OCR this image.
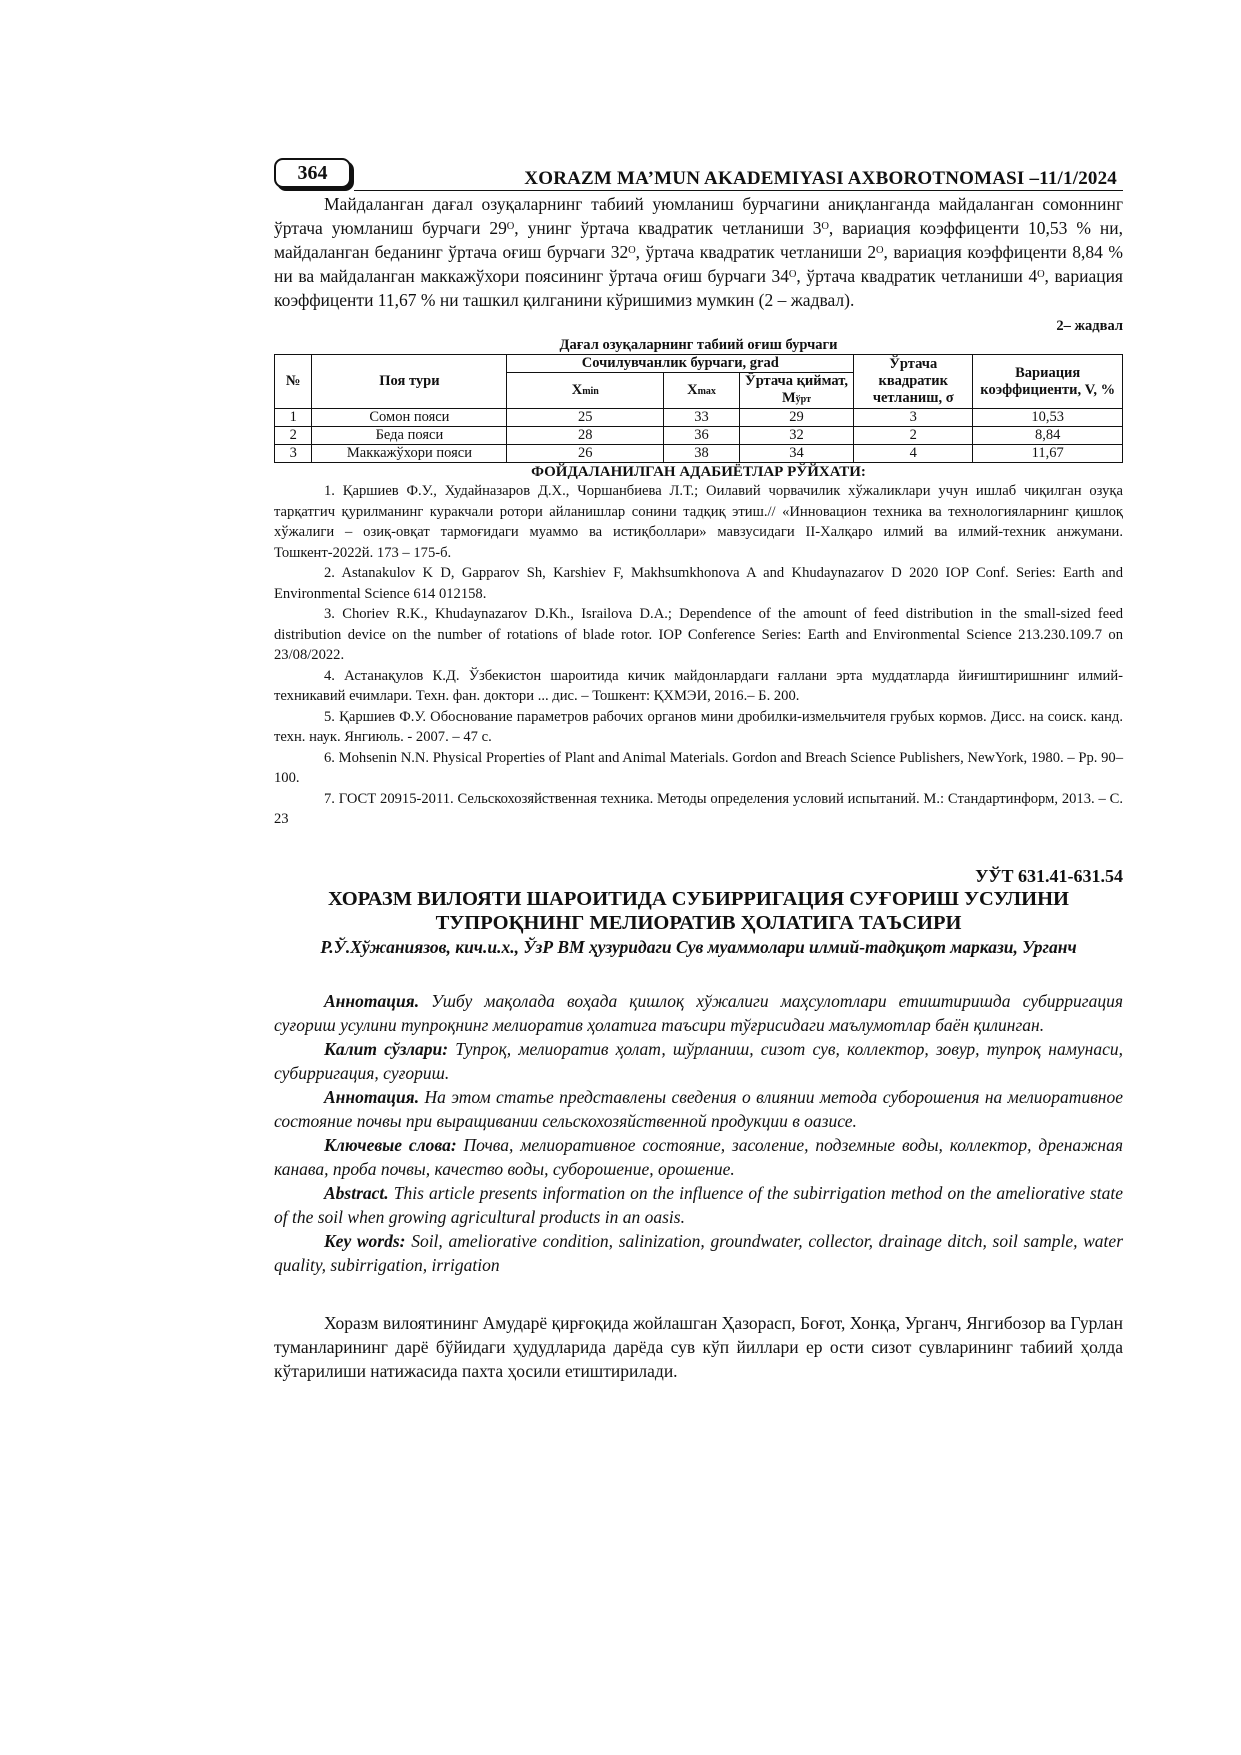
364	XORAZM MA’MUN AKADEMIYASI AXBOROTNOMASI –11/1/2024

Майдаланган дағал озуқаларнинг табиий уюмланиш бурчагини аниқланганда майдаланган сомоннинг ўртача уюмланиш бурчаги 29ᴼ, унинг ўртача квадратик четланиши 3ᴼ, вариация коэффиценти 10,53 % ни, майдаланган беданинг ўртача оғиш бурчаги 32ᴼ, ўртача квадратик четланиши 2ᴼ, вариация коэффиценти 8,84 % ни ва майдаланган маккажўхори поясининг ўртача оғиш бурчаги 34ᴼ, ўртача квадратик четланиши 4ᴼ, вариация коэффиценти 11,67 % ни ташкил қилганини кўришимиз мумкин (2 – жадвал).

2– жадвал

Дағал озуқаларнинг табиий оғиш бурчаги

№	Поя тури	Сочилувчанлик бурчаги, grad			Ўртача квадратик четланиш, σ	Вариация коэффициенти, V, %
		Xmin	Xmax	Ўртача қиймат, Mўрт		
1	Сомон пояси	25	33	29	3	10,53
2	Беда пояси	28	36	32	2	8,84
3	Маккажўхори пояси	26	38	34	4	11,67

ФОЙДАЛАНИЛГАН АДАБИЁТЛАР РЎЙХАТИ:

1. Қаршиев Ф.У., Худайназаров Д.Х., Чоршанбиева Л.Т.; Оилавий чорвачилик хўжаликлари учун ишлаб чиқилган озуқа тарқатгич қурилманинг куракчали ротори айланишлар сонини тадқиқ этиш.// «Инновацион техника ва технологияларнинг қишлоқ хўжалиги – озиқ-овқат тармоғидаги муаммо ва истиқболлари» мавзусидаги II-Халқаро илмий ва илмий-техник анжумани. Тошкент-2022й. 173 – 175-б.

2. Astanakulov K D, Gapparov Sh, Karshiev F, Makhsumkhonova A and Khudaynazarov D 2020 IOP Conf. Series: Earth and Environmental Science 614 012158.

3. Choriev R.K., Khudaynazarov D.Kh., Israilova D.A.; Dependence of the amount of feed distribution in the small-sized feed distribution device on the number of rotations of blade rotor. IOP Conference Series: Earth and Environmental Science 213.230.109.7 on 23/08/2022.

4. Астанақулов К.Д. Ўзбекистон шароитида кичик майдонлардаги ғаллани эрта муддатларда йиғиштиришнинг илмий-техникавий ечимлари. Техн. фан. доктори ... дис. – Тошкент: ҚХМЭИ, 2016.– Б. 200.

5. Қаршиев Ф.У. Обоснование параметров рабочих органов мини дробилки-измельчителя грубых кормов. Дисс. на соиск. канд. техн. наук. Янгиюль. - 2007. – 47 с.

6. Mohsenin N.N. Physical Properties of Plant and Animal Materials. Gordon and Breach Science Publishers, NewYork, 1980. – Pp. 90–100.

7. ГОСТ 20915-2011. Сельскохозяйственная техника. Методы определения условий испытаний. М.: Стандартинформ, 2013. – С. 23

УЎТ 631.41-631.54

ХОРАЗМ ВИЛОЯТИ ШАРОИТИДА СУБИРРИГАЦИЯ СУҒОРИШ УСУЛИНИ

ТУПРОҚНИНГ МЕЛИОРАТИВ ҲОЛАТИГА ТАЪСИРИ

Р.Ў.Хўжаниязов, кич.и.х., ЎзР ВМ ҳузуридаги Сув муаммолари илмий-тадқиқот маркази, Урганч

Аннотация. Ушбу мақолада воҳада қишлоқ хўжалиги маҳсулотлари етиштиришда субирригация суғориш усулини тупроқнинг мелиоратив ҳолатига таъсири тўғрисидаги маълумотлар баён қилинган.

Калит сўзлари: Тупроқ, мелиоратив ҳолат, шўрланиш, сизот сув, коллектор, зовур, тупроқ намунаси, субирригация, суғориш.

Аннотация. На этом статье представлены сведения о влиянии метода суборошения на мелиоративное состояние почвы при выращивании сельскохозяйственной продукции в оазисе.

Ключевые слова: Почва, мелиоративное состояние, засоление, подземные воды, коллектор, дренажная канава, проба почвы, качество воды, суборошение, орошение.

Abstract. This article presents information on the influence of the subirrigation method on the ameliorative state of the soil when growing agricultural products in an oasis.

Key words: Soil, ameliorative condition, salinization, groundwater, collector, drainage ditch, soil sample, water quality, subirrigation, irrigation

Хоразм вилоятининг Амударё қирғоқида жойлашган Ҳазорасп, Боғот, Хонқа, Урганч, Янгибозор ва Гурлан туманларининг дарё бўйидаги ҳудудларида дарёда сув кўп йиллари ер ости сизот сувларининг табиий ҳолда кўтарилиши натижасида пахта ҳосили етиштирилади.
